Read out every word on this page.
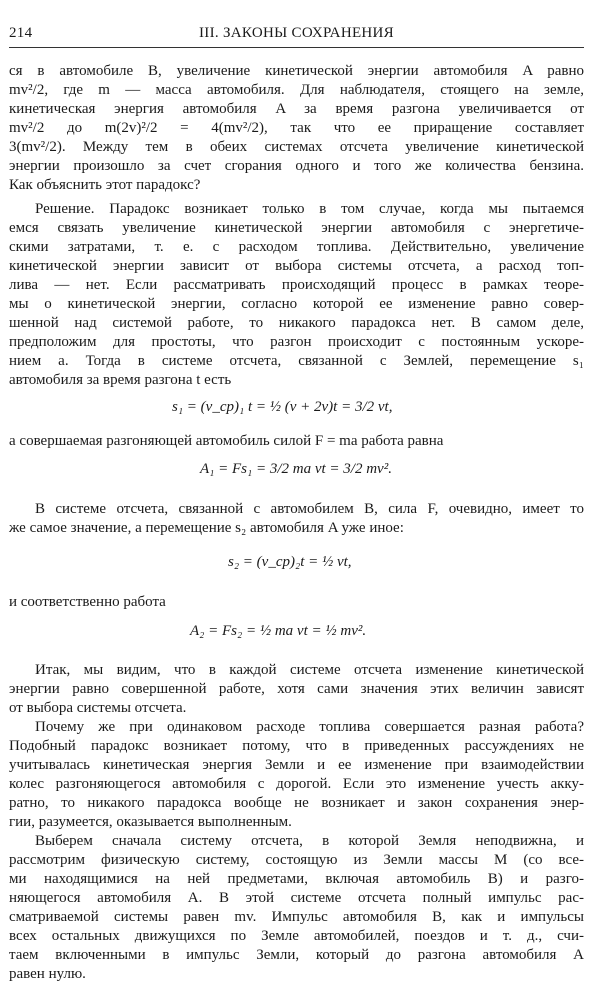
214	III. ЗАКОНЫ СОХРАНЕНИЯ
ся в автомобиле B, увеличение кинетической энергии автомобиля A равно
mv²/2, где m — масса автомобиля. Для наблюдателя, стоящего на земле,
кинетическая энергия автомобиля A за время разгона увеличивается от
mv²/2 до m(2v)²/2 = 4(mv²/2), так что ее приращение составляет
3(mv²/2). Между тем в обеих системах отсчета увеличение кинетической
энергии произошло за счет сгорания одного и того же количества бензина.
Как объяснить этот парадокс?
Решение. Парадокс возникает только в том случае, когда мы пытаемся
емся связать увеличение кинетической энергии автомобиля с энергетиче-
скими затратами, т. е. с расходом топлива. Действительно, увеличение
кинетической энергии зависит от выбора системы отсчета, а расход топ-
лива — нет. Если рассматривать происходящий процесс в рамках теоре-
мы о кинетической энергии, согласно которой ее изменение равно совер-
шенной над системой работе, то никакого парадокса нет. В самом деле,
предположим для простоты, что разгон происходит с постоянным ускоре-
нием a. Тогда в системе отсчета, связанной с Землей, перемещение s₁
автомобиля за время разгона t есть
s₁ = (v_ср)₁ t = ½ (v + 2v)t = 3/2 vt,
а совершаемая разгоняющей автомобиль силой F = ma работа равна
A₁ = Fs₁ = 3/2 ma vt = 3/2 mv².
В системе отсчета, связанной с автомобилем B, сила F, очевидно, имеет то
же самое значение, а перемещение s₂ автомобиля A уже иное:
s₂ = (v_ср)₂t = ½ vt,
и соответственно работа
A₂ = Fs₂ = ½ ma vt = ½ mv².
Итак, мы видим, что в каждой системе отсчета изменение кинетической
энергии равно совершенной работе, хотя сами значения этих величин зависят
от выбора системы отсчета.
Почему же при одинаковом расходе топлива совершается разная работа?
Подобный парадокс возникает потому, что в приведенных рассуждениях не
учитывалась кинетическая энергия Земли и ее изменение при взаимодействии
колес разгоняющегося автомобиля с дорогой. Если это изменение учесть акку-
ратно, то никакого парадокса вообще не возникает и закон сохранения энер-
гии, разумеется, оказывается выполненным.
Выберем сначала систему отсчета, в которой Земля неподвижна, и
рассмотрим физическую систему, состоящую из Земли массы M (со все-
ми находящимися на ней предметами, включая автомобиль B) и разго-
няющегося автомобиля A. В этой системе отсчета полный импульс рас-
сматриваемой системы равен mv. Импульс автомобиля B, как и импульсы
всех остальных движущихся по Земле автомобилей, поездов и т. д., счи-
таем включенными в импульс Земли, который до разгона автомобиля A
равен нулю.
